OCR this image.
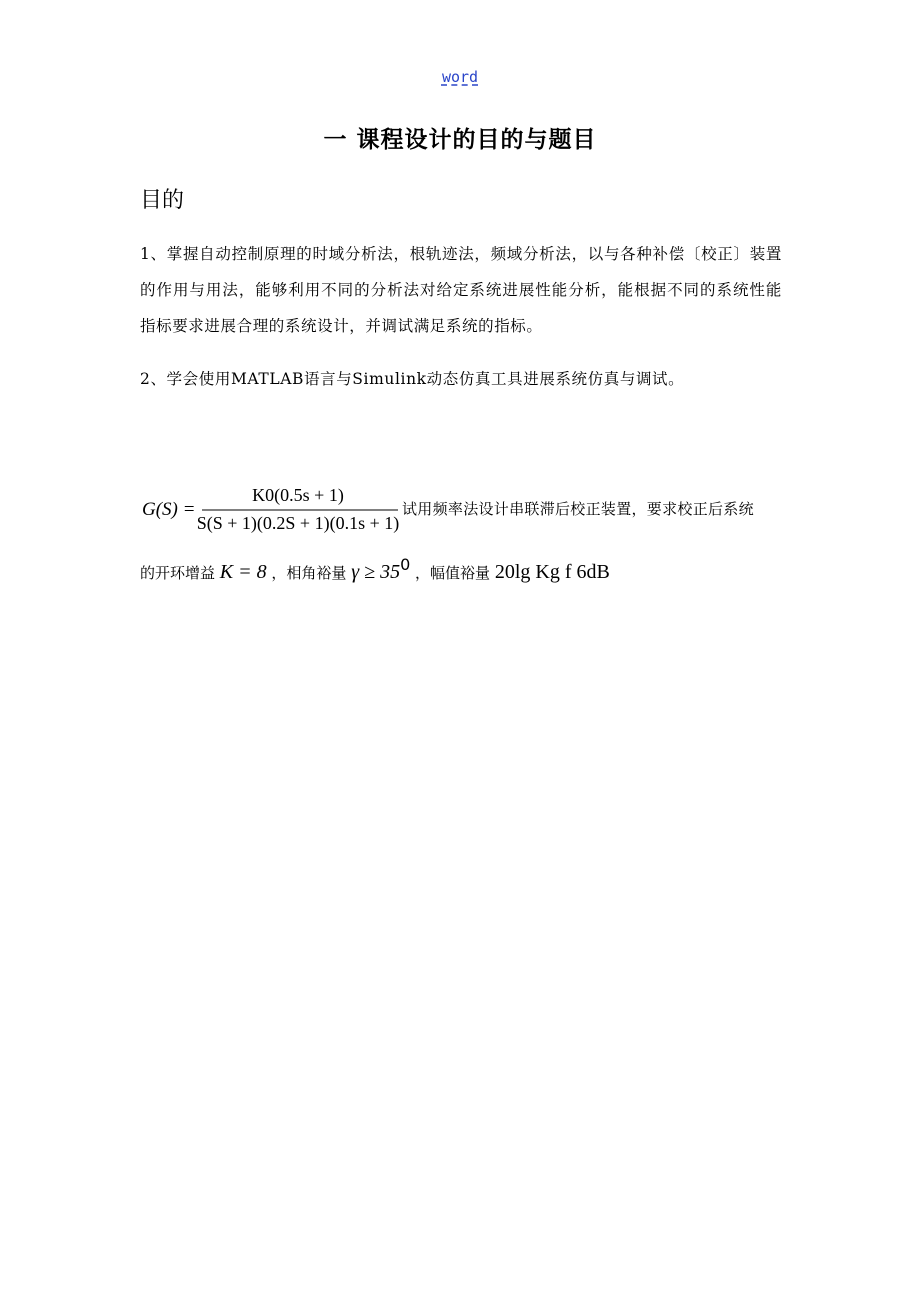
word
一 课程设计的目的与题目
目的
1、掌握自动控制原理的时域分析法，根轨迹法，频域分析法，以与各种补偿〔校正〕装置的作用与用法，能够利用不同的分析法对给定系统进展性能分析，能根据不同的系统性能指标要求进展合理的系统设计，并调试满足系统的指标。
2、学会使用MATLAB语言与Simulink动态仿真工具进展系统仿真与调试。
G(S) =
K0(0.5s + 1)
S(S + 1)(0.2S + 1)(0.1s + 1)
试用频率法设计串联滞后校正装置，要求校正后系统
的开环增益 K = 8 ，相角裕量 γ ≥ 350 ，幅值裕量 20lg Kg f 6dB
